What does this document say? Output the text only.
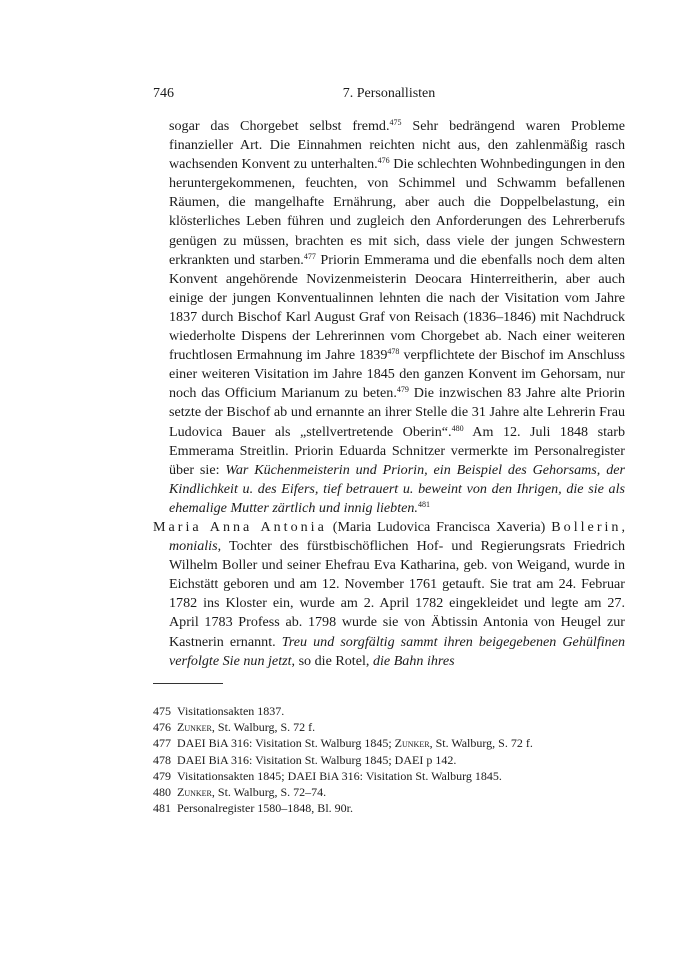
746	7. Personallisten

sogar das Chorgebet selbst fremd.$^{475}$ Sehr bedrängend waren Probleme finanzieller Art. Die Einnahmen reichten nicht aus, den zahlenmäßig rasch wachsenden Konvent zu unterhalten.$^{476}$ Die schlechten Wohnbedingungen in den heruntergekommenen, feuchten, von Schimmel und Schwamm befallenen Räumen, die mangelhafte Ernährung, aber auch die Doppelbelastung, ein klösterliches Leben führen und zugleich den Anforderungen des Lehrerberufs genügen zu müssen, brachten es mit sich, dass viele der jungen Schwestern erkrankten und starben.$^{477}$ Priorin Emmerama und die ebenfalls noch dem alten Konvent angehörende Novizenmeisterin Deocara Hinterreitherin, aber auch einige der jungen Konventualinnen lehnten die nach der Visitation vom Jahre 1837 durch Bischof Karl August Graf von Reisach (1836–1846) mit Nachdruck wiederholte Dispens der Lehrerinnen vom Chorgebet ab. Nach einer weiteren fruchtlosen Ermahnung im Jahre 1839$^{478}$ verpflichtete der Bischof im Anschluss einer weiteren Visitation im Jahre 1845 den ganzen Konvent im Gehorsam, nur noch das Officium Marianum zu beten.$^{479}$ Die inzwischen 83 Jahre alte Priorin setzte der Bischof ab und ernannte an ihrer Stelle die 31 Jahre alte Lehrerin Frau Ludovica Bauer als „stellvertretende Oberin“.$^{480}$ Am 12. Juli 1848 starb Emmerama Streitlin. Priorin Eduarda Schnitzer vermerkte im Personalregister über sie: War Küchenmeisterin und Priorin, ein Beispiel des Gehorsams, der Kindlichkeit u. des Eifers, tief betrauert u. beweint von den Ihrigen, die sie als ehemalige Mutter zärtlich und innig liebten.$^{481}$

Maria Anna Antonia (Maria Ludovica Francisca Xaveria) Bollerin, monialis, Tochter des fürstbischöflichen Hof- und Regierungsrats Friedrich Wilhelm Boller und seiner Ehefrau Eva Katharina, geb. von Weigand, wurde in Eichstätt geboren und am 12. November 1761 getauft. Sie trat am 24. Februar 1782 ins Kloster ein, wurde am 2. April 1782 eingekleidet und legte am 27. April 1783 Profess ab. 1798 wurde sie von Äbtissin Antonia von Heugel zur Kastnerin ernannt. Treu und sorgfältig sammt ihren beigegebenen Gehülfinen verfolgte Sie nun jetzt, so die Rotel, die Bahn ihres

475 Visitationsakten 1837.
476 Zunker, St. Walburg, S. 72 f.
477 DAEI BiA 316: Visitation St. Walburg 1845; Zunker, St. Walburg, S. 72 f.
478 DAEI BiA 316: Visitation St. Walburg 1845; DAEI p 142.
479 Visitationsakten 1845; DAEI BiA 316: Visitation St. Walburg 1845.
480 Zunker, St. Walburg, S. 72–74.
481 Personalregister 1580–1848, Bl. 90r.
